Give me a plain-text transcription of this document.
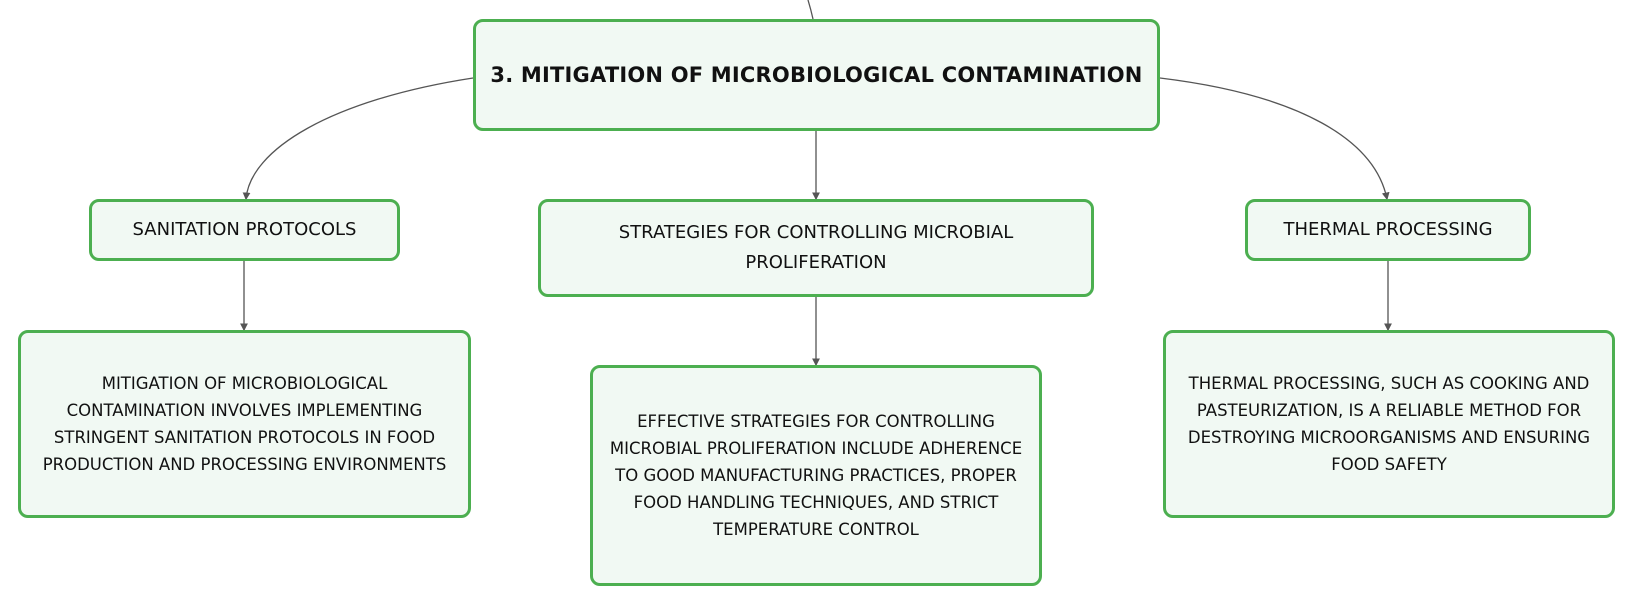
3. MITIGATION OF MICROBIOLOGICAL CONTAMINATION
SANITATION PROTOCOLS	STRATEGIES FOR CONTROLLING MICROBIAL PROLIFERATION
THERMAL PROCESSING
MITIGATION OF MICROBIOLOGICAL CONTAMINATION INVOLVES IMPLEMENTING STRINGENT SANITATION PROTOCOLS IN FOOD PRODUCTION AND PROCESSING ENVIRONMENTS
EFFECTIVE STRATEGIES FOR CONTROLLING MICROBIAL PROLIFERATION INCLUDE ADHERENCE TO GOOD MANUFACTURING PRACTICES, PROPER FOOD HANDLING TECHNIQUES, AND STRICT TEMPERATURE CONTROL
THERMAL PROCESSING, SUCH AS COOKING AND PASTEURIZATION, IS A RELIABLE METHOD FOR DESTROYING MICROORGANISMS AND ENSURING FOOD SAFETY
